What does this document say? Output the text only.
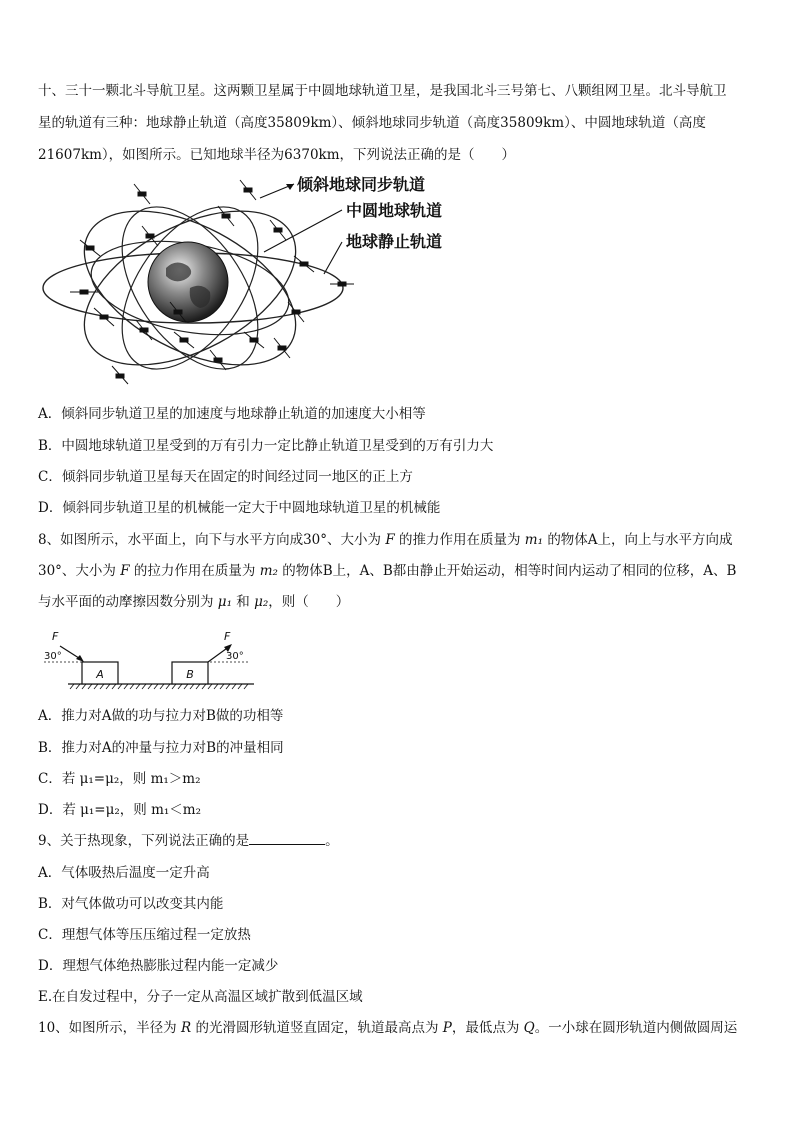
十、三十一颗北斗导航卫星。这两颗卫星属于中圆地球轨道卫星，是我国北斗三号第七、八颗组网卫星。北斗导航卫
星的轨道有三种：地球静止轨道（高度35809km）、倾斜地球同步轨道（高度35809km）、中圆地球轨道（高度
21607km），如图所示。已知地球半径为6370km，下列说法正确的是（　　）
倾斜地球同步轨道
中圆地球轨道
地球静止轨道
A．倾斜同步轨道卫星的加速度与地球静止轨道的加速度大小相等
B．中圆地球轨道卫星受到的万有引力一定比静止轨道卫星受到的万有引力大
C．倾斜同步轨道卫星每天在固定的时间经过同一地区的正上方
D．倾斜同步轨道卫星的机械能一定大于中圆地球轨道卫星的机械能
8、如图所示，水平面上，向下与水平方向成30°、大小为 F 的推力作用在质量为 m₁ 的物体A上，向上与水平方向成
30°、大小为 F 的拉力作用在质量为 m₂ 的物体B上，A、B都由静止开始运动，相等时间内运动了相同的位移，A、B
与水平面的动摩擦因数分别为 μ₁ 和 μ₂，则（　　）
A	B
F
30°
F
30°
A．推力对A做的功与拉力对B做的功相等
B．推力对A的冲量与拉力对B的冲量相同
C．若 μ₁=μ₂，则 m₁＞m₂
D．若 μ₁=μ₂，则 m₁＜m₂
9、关于热现象，下列说法正确的是	。
A．气体吸热后温度一定升高
B．对气体做功可以改变其内能
C．理想气体等压压缩过程一定放热
D．理想气体绝热膨胀过程内能一定减少
E.在自发过程中，分子一定从高温区域扩散到低温区域
10、如图所示，半径为 R 的光滑圆形轨道竖直固定，轨道最高点为 P，最低点为 Q。一小球在圆形轨道内侧做圆周运
